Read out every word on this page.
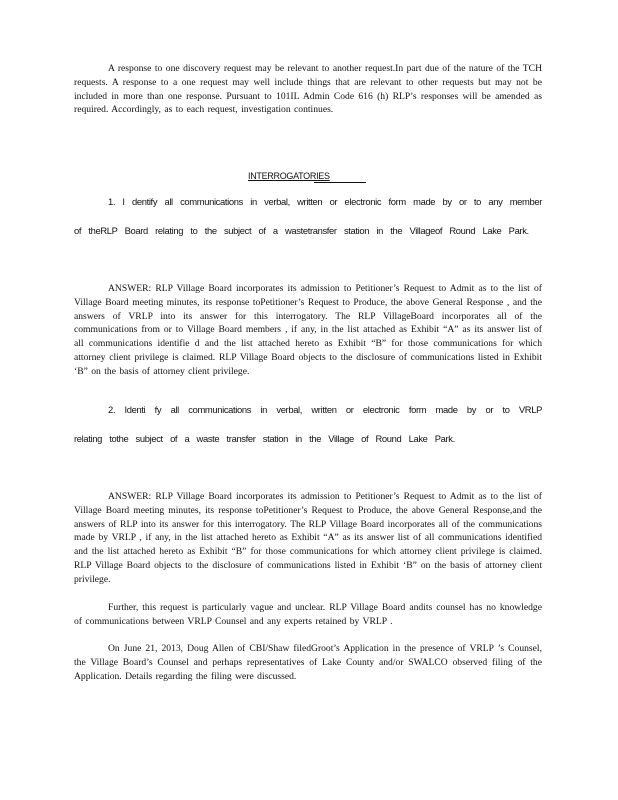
A response to one discovery request may be relevant to another request.In part due of the nature of the TCH requests. A response to a one request may well include things that are relevant to other requests but may not be included in more than one response. Pursuant to 101IL Admin Code 616 (h) RLP’s responses will be amended as required. Accordingly, as to each request, investigation continues.

INTERROGATORIES

1. I dentify all communications in verbal, written or electronic form made by or to any member of theRLP Board relating to the subject of a wastetransfer station in the Villageof Round Lake Park.

ANSWER: RLP Village Board incorporates its admission to Petitioner’s Request to Admit as to the list of Village Board meeting minutes, its response toPetitioner’s Request to Produce, the above General Response , and the answers of VRLP into its answer for this interrogatory. The RLP VillageBoard incorporates all of the communications from or to Village Board members , if any, in the list attached as Exhibit “A” as its answer list of all communications identifie d and the list attached hereto as Exhibit “B” for those communications for which attorney client privilege is claimed. RLP Village Board objects to the disclosure of communications listed in Exhibit ‘B” on the basis of attorney client privilege.

2. Identi fy all communications in verbal, written or electronic form made by or to VRLP relating tothe subject of a waste transfer station in the Village of Round Lake Park.

ANSWER: RLP Village Board incorporates its admission to Petitioner’s Request to Admit as to the list of Village Board meeting minutes, its response toPetitioner’s Request to Produce, the above General Response,and the answers of RLP into its answer for this interrogatory. The RLP Village Board incorporates all of the communications made by VRLP , if any, in the list attached hereto as Exhibit “A” as its answer list of all communications identified and the list attached hereto as Exhibit “B” for those communications for which attorney client privilege is claimed. RLP Village Board objects to the disclosure of communications listed in Exhibit ‘B” on the basis of attorney client privilege.

Further, this request is particularly vague and unclear. RLP Village Board andits counsel has no knowledge of communications between VRLP Counsel and any experts retained by VRLP .

On June 21, 2013, Doug Allen of CBI/Shaw filedGroot’s Application in the presence of VRLP ’s Counsel, the Village Board’s Counsel and perhaps representatives of Lake County and/or SWALCO observed filing of the Application. Details regarding the filing were discussed.
